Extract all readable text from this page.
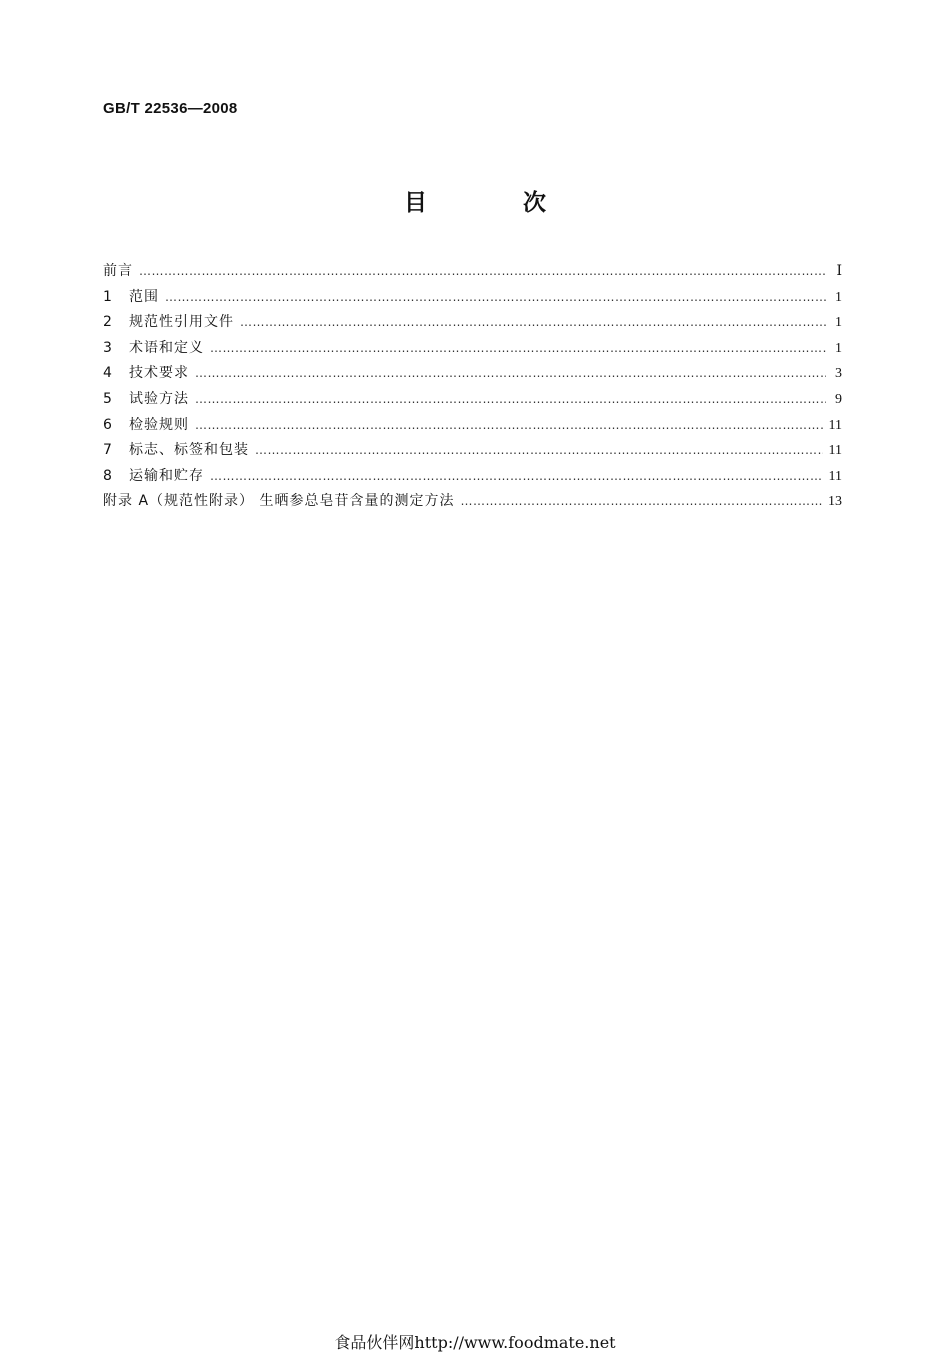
GB/T 22536—2008
目 次
前言 ……………………………………………………………………………………………………………………………………………………………………………………………………………………………………………………………………………………………………………………………………	Ⅰ
1	范围 ……………………………………………………………………………………………………………………………………………………………………………………………………………………………………………………………………………………………………………………………………	1
2	规范性引用文件 ……………………………………………………………………………………………………………………………………………………………………………………………………………………………………………………………………………………………………………………………………	1
3	术语和定义 ……………………………………………………………………………………………………………………………………………………………………………………………………………………………………………………………………………………………………………………………………	1
4	技术要求 ……………………………………………………………………………………………………………………………………………………………………………………………………………………………………………………………………………………………………………………………………	3
5	试验方法 ……………………………………………………………………………………………………………………………………………………………………………………………………………………………………………………………………………………………………………………………………	9
6	检验规则 ……………………………………………………………………………………………………………………………………………………………………………………………………………………………………………………………………………………………………………………………………	11
7	标志、标签和包装 ……………………………………………………………………………………………………………………………………………………………………………………………………………………………………………………………………………………………………………………………………	11
8	运输和贮存 ……………………………………………………………………………………………………………………………………………………………………………………………………………………………………………………………………………………………………………………………………	11
附录 A（规范性附录） 生晒参总皂苷含量的测定方法 ……………………………………………………………………………………………………………………………………………………………………………………………………………………………………………………………………………………………………………………………………	13
食品伙伴网http://www.foodmate.net
